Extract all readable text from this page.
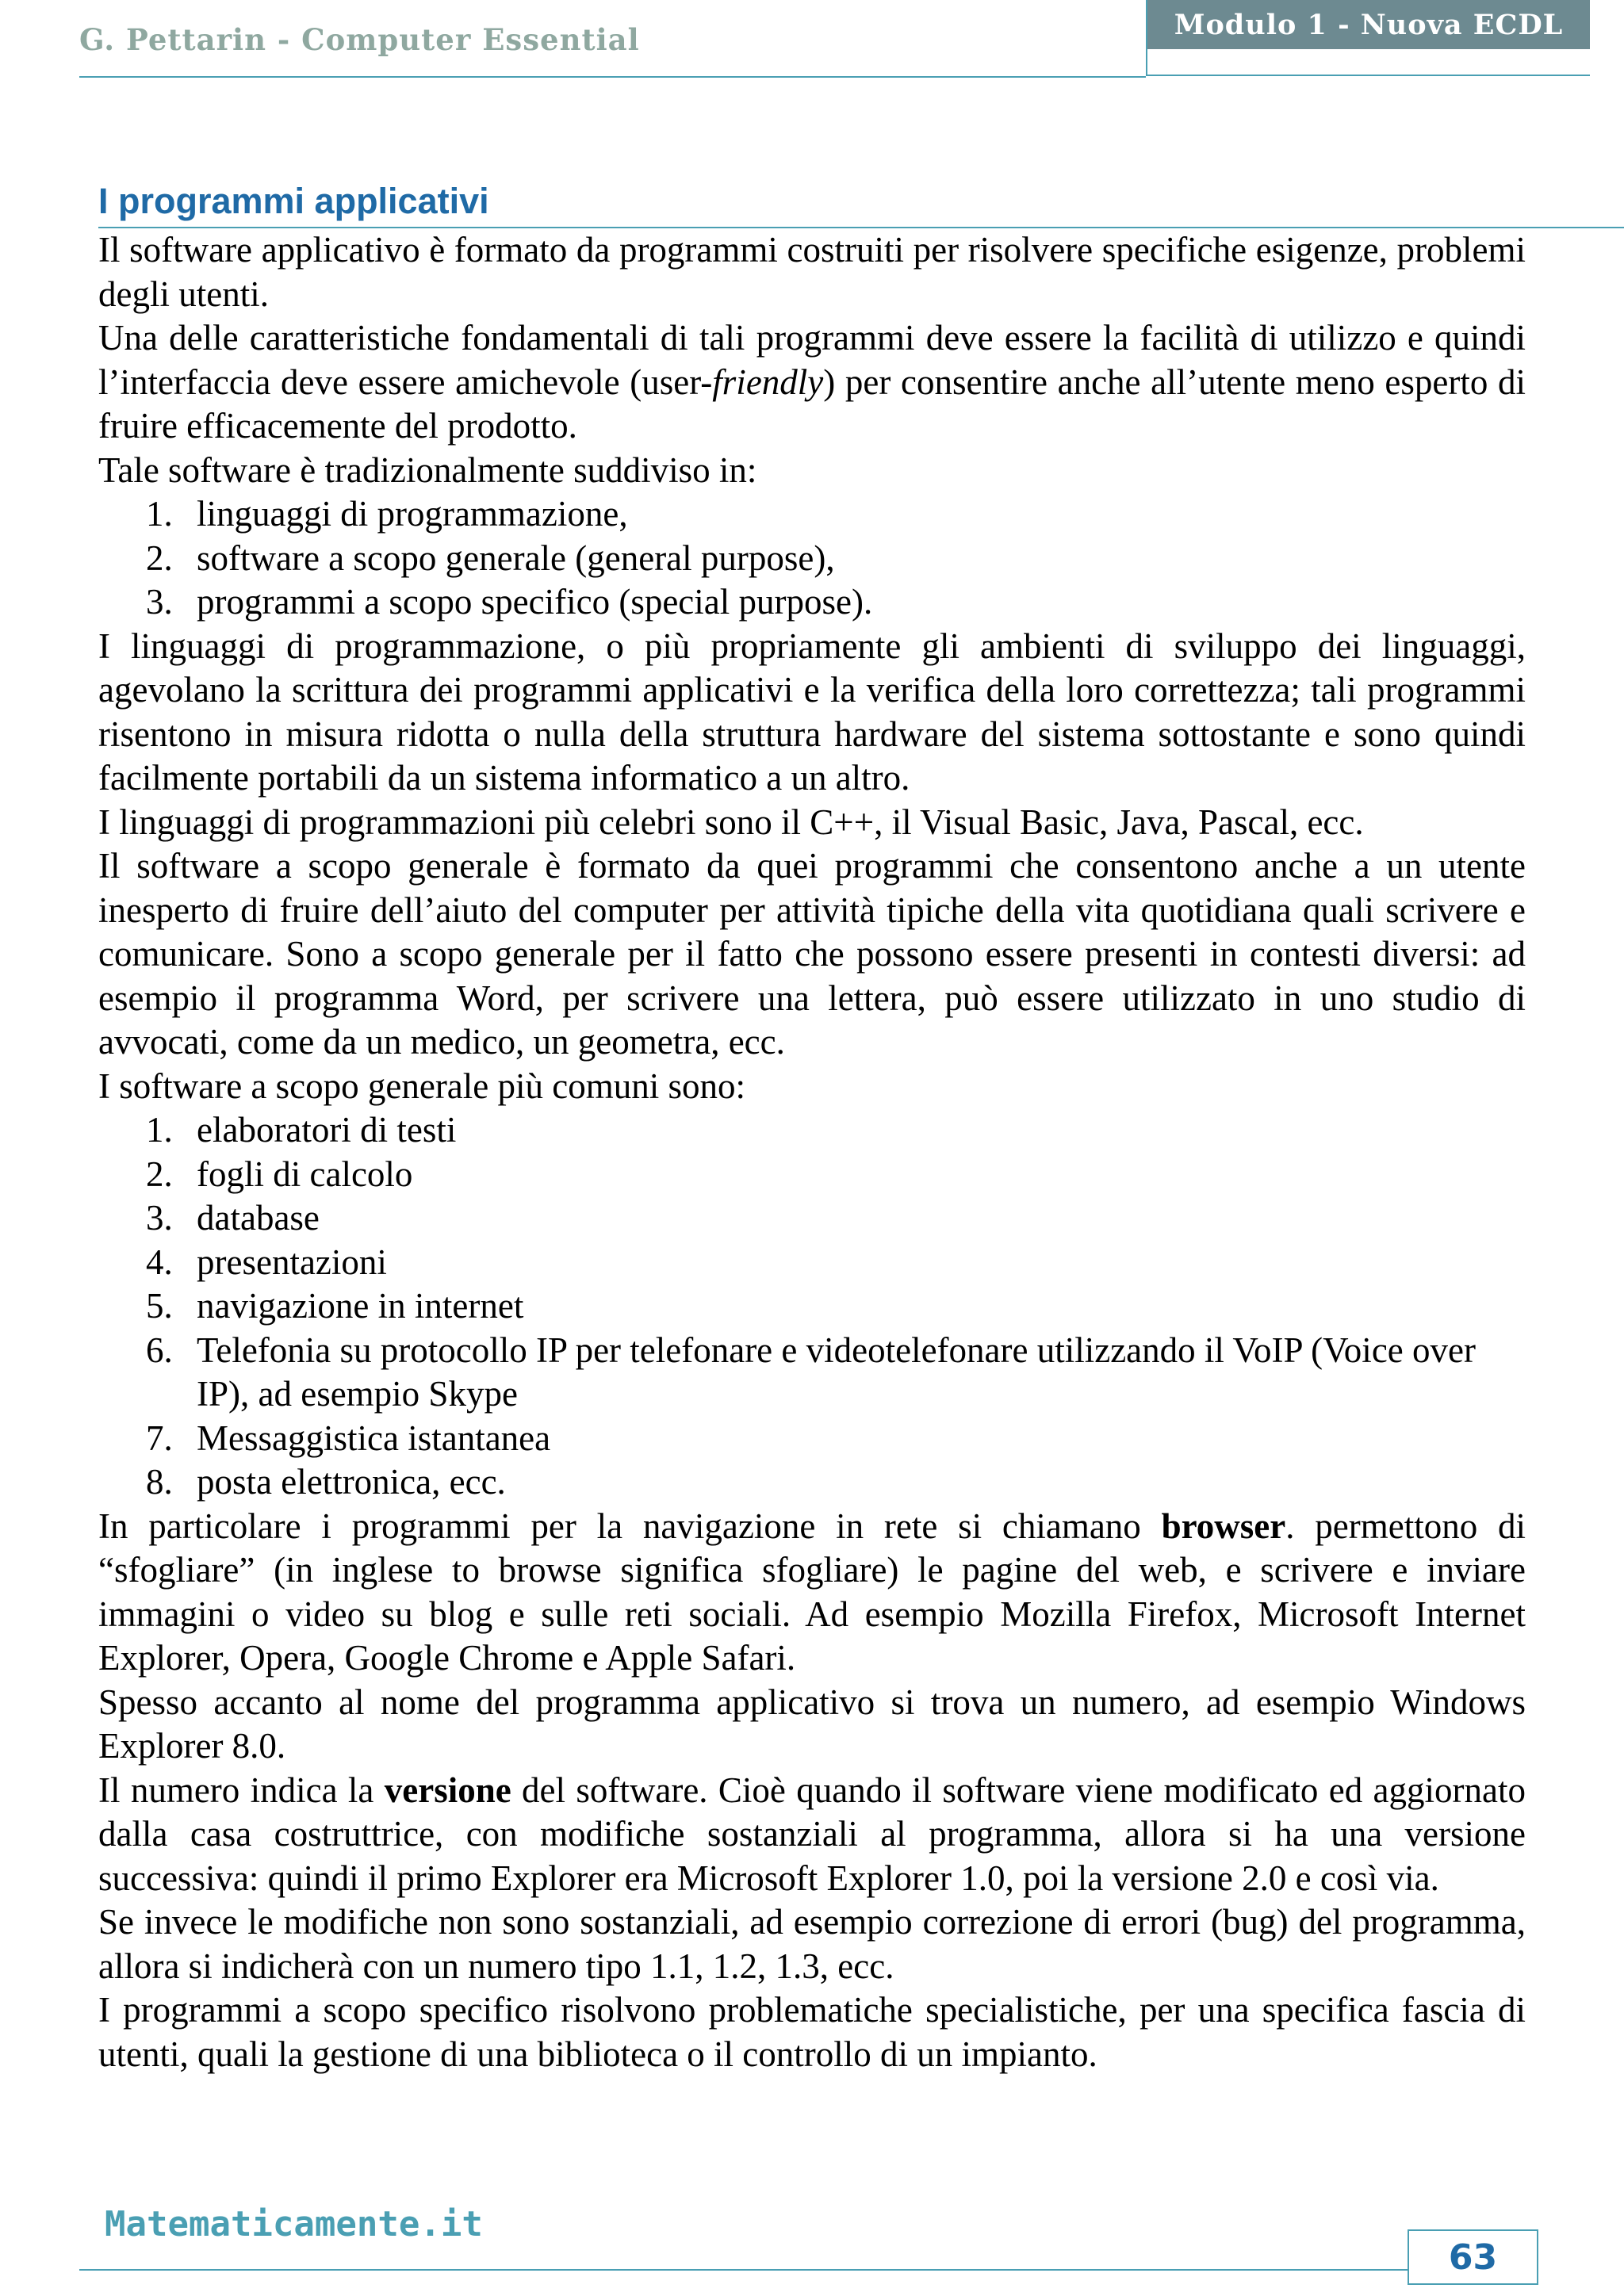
G. Pettarin - Computer Essential	Modulo 1 - Nuova ECDL
I programmi applicativi

Il software applicativo è formato da programmi costruiti per risolvere specifiche esigenze, problemi degli utenti.

Una delle caratteristiche fondamentali di tali programmi deve essere la facilità di utilizzo e quindi l’interfaccia deve essere amichevole (user-friendly) per consentire anche all’utente meno esperto di fruire efficacemente del prodotto.

Tale software è tradizionalmente suddiviso in:

1. linguaggi di programmazione,
2. software a scopo generale (general purpose),
3. programmi a scopo specifico (special purpose).

I linguaggi di programmazione, o più propriamente gli ambienti di sviluppo dei linguaggi, agevolano la scrittura dei programmi applicativi e la verifica della loro correttezza; tali programmi risentono in misura ridotta o nulla della struttura hardware del sistema sottostante e sono quindi facilmente portabili da un sistema informatico a un altro.

I linguaggi di programmazioni più celebri sono il C++, il Visual Basic, Java, Pascal, ecc.

Il software a scopo generale è formato da quei programmi che consentono anche a un utente inesperto di fruire dell’aiuto del computer per attività tipiche della vita quotidiana quali scrivere e comunicare. Sono a scopo generale per il fatto che possono essere presenti in contesti diversi: ad esempio il programma Word, per scrivere una lettera, può essere utilizzato in uno studio di avvocati, come da un medico, un geometra, ecc.

I software a scopo generale più comuni sono:

1. elaboratori di testi
2. fogli di calcolo
3. database
4. presentazioni
5. navigazione in internet
6. Telefonia su protocollo IP per telefonare e videotelefonare utilizzando il VoIP (Voice over IP), ad esempio Skype
7. Messaggistica istantanea
8. posta elettronica, ecc.

In particolare i programmi per la navigazione in rete si chiamano browser. permettono di “sfogliare” (in inglese to browse significa sfogliare) le pagine del web, e scrivere e inviare immagini o video su blog e sulle reti sociali. Ad esempio Mozilla Firefox, Microsoft Internet Explorer, Opera, Google Chrome e Apple Safari.

Spesso accanto al nome del programma applicativo si trova un numero, ad esempio Windows Explorer 8.0.

Il numero indica la versione del software. Cioè quando il software viene modificato ed aggiornato dalla casa costruttrice, con modifiche sostanziali al programma, allora si ha una versione successiva: quindi il primo Explorer era Microsoft Explorer 1.0, poi la versione 2.0 e così via.

Se invece le modifiche non sono sostanziali, ad esempio correzione di errori (bug) del programma, allora si indicherà con un numero tipo 1.1, 1.2, 1.3, ecc.

I programmi a scopo specifico risolvono problematiche specialistiche, per una specifica fascia di utenti, quali la gestione di una biblioteca o il controllo di un impianto.

Matematicamente.it
63
